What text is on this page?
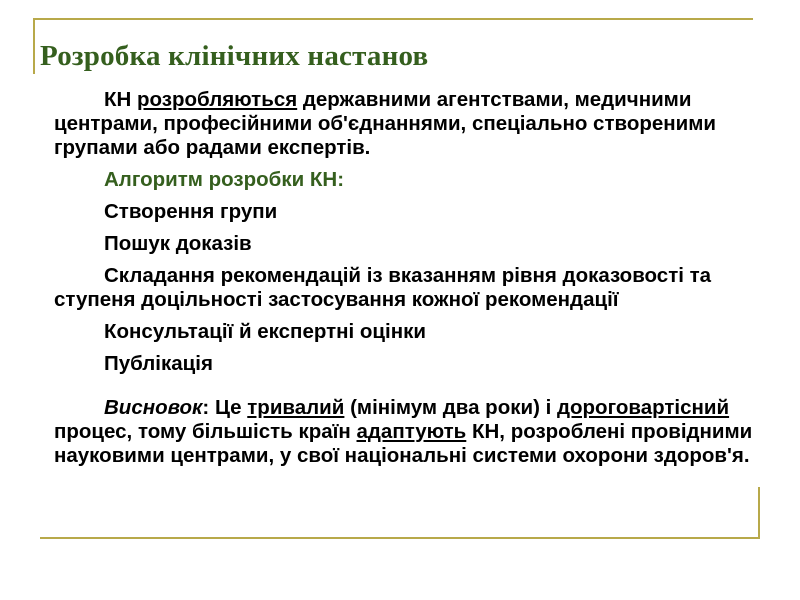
Розробка клінічних настанов

КН розробляються державними агентствами, медичними центрами, професійними об'єднаннями, спеціально створеними групами або радами експертів.

Алгоритм розробки КН:

Створення групи

Пошук доказів

Складання рекомендацій із вказанням рівня доказовості та ступеня доцільності застосування кожної рекомендації

Консультації й експертні оцінки

Публікація

Висновок: Це тривалий (мінімум два роки) і дороговартісний процес, тому більшість країн адаптують КН, розроблені провідними науковими центрами, у свої національні системи охорони здоров'я.
